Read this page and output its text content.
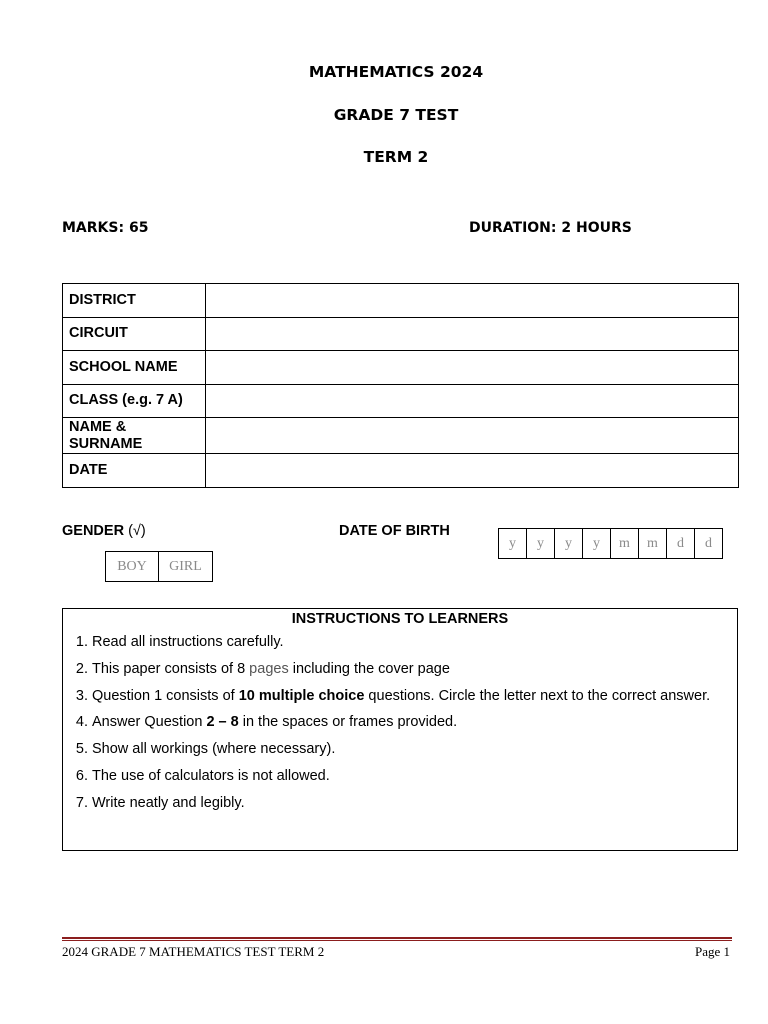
MATHEMATICS 2024
GRADE 7 TEST
TERM 2
MARKS: 65	DURATION: 2 HOURS
DISTRICT	
CIRCUIT	
SCHOOL NAME	
CLASS (e.g. 7 A)	

NAME &
SURNAME	

DATE	
GENDER (√)
BOY	GIRL
DATE OF BIRTH
y	y	y	y	m	m	d	d
INSTRUCTIONS TO LEARNERS
1. Read all instructions carefully.
2. This paper consists of 8 pages including the cover page
3. Question 1 consists of 10 multiple choice questions. Circle the letter next to the correct answer.
4. Answer Question 2 – 8 in the spaces or frames provided.
5. Show all workings (where necessary).
6. The use of calculators is not allowed.
7. Write neatly and legibly.
2024 GRADE 7 MATHEMATICS TEST TERM 2	Page 1
